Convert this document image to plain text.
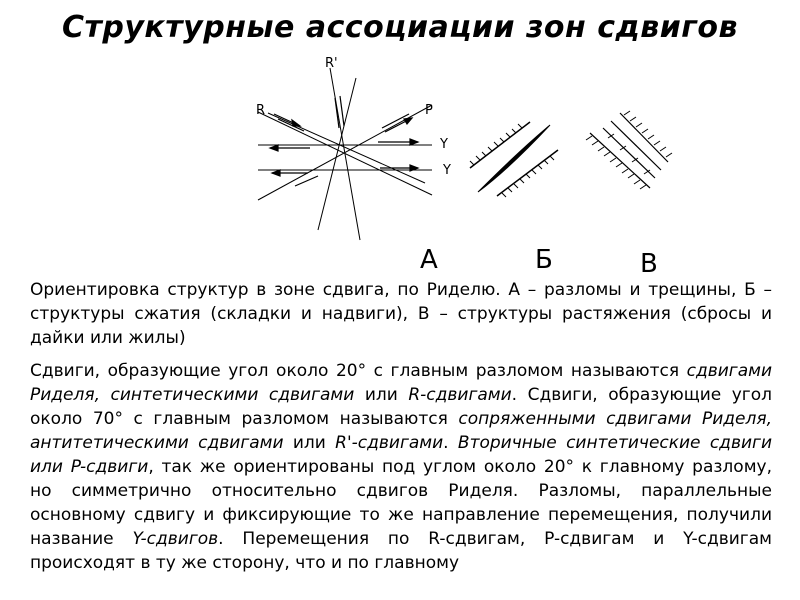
Структурные ассоциации зон сдвигов
R
R'
P
Y
Y
А	Б	В

Ориентировка структур в зоне сдвига, по Риделю. А – разломы и трещины, Б – структуры сжатия (складки и надвиги), В – структуры растяжения (сбросы и дайки или жилы)

Сдвиги, образующие угол около 20° с главным разломом называются сдвигами Риделя, синтетическими сдвигами или R-сдвигами. Сдвиги, образующие угол около 70° с главным разломом называются сопряженными сдвигами Риделя, антитетическими сдвигами или R'-сдвигами. Вторичные синтетические сдвиги или P-сдвиги, так же ориентированы под углом около 20° к главному разлому, но симметрично относительно сдвигов Риделя. Разломы, параллельные основному сдвигу и фиксирующие то же направление перемещения, получили название Y-сдвигов. Перемещения по R-сдвигам, P-сдвигам и Y-сдвигам происходят в ту же сторону, что и по главному
